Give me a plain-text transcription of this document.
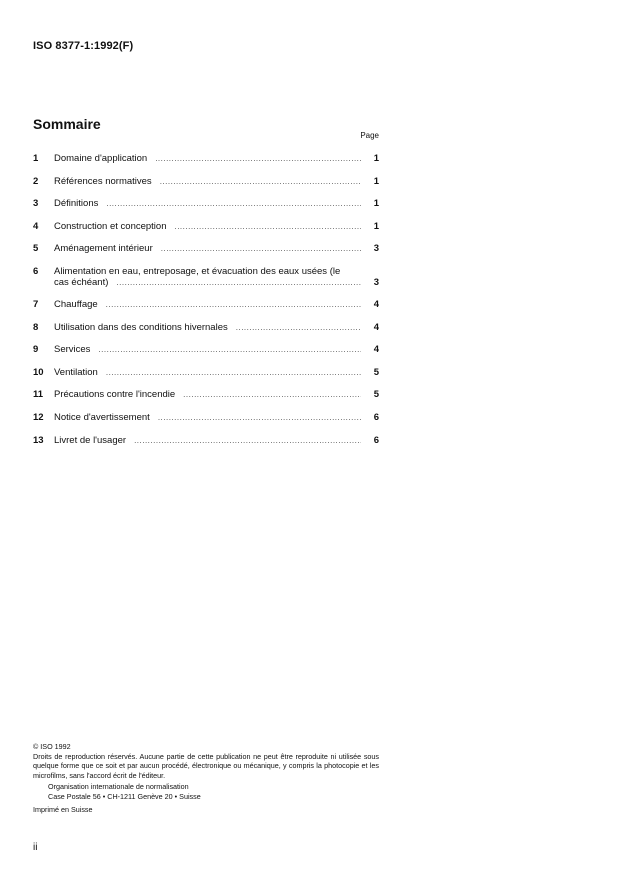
ISO 8377-1:1992(F)
Sommaire
Page
1	Domaine d'application .....	1
2	Références normatives .....	1
3	Définitions .....	1
4	Construction et conception .....	1
5	Aménagement intérieur .....	3
6	Alimentation en eau, entreposage, et évacuation des eaux usées (le
cas échéant) .....	3
7	Chauffage .....	4
8	Utilisation dans des conditions hivernales .....	4
9	Services .....	4
10	Ventilation .....	5
11	Précautions contre l'incendie .....	5
12	Notice d'avertissement .....	6
13	Livret de l'usager .....	6
© ISO 1992
Droits de reproduction réservés. Aucune partie de cette publication ne peut être reproduite ni utilisée sous quelque forme que ce soit et par aucun procédé, électronique ou mécanique, y compris la photocopie et les microfilms, sans l'accord écrit de l'éditeur.
Organisation internationale de normalisation
Case Postale 56 • CH-1211 Genève 20 • Suisse
Imprimé en Suisse
ii
